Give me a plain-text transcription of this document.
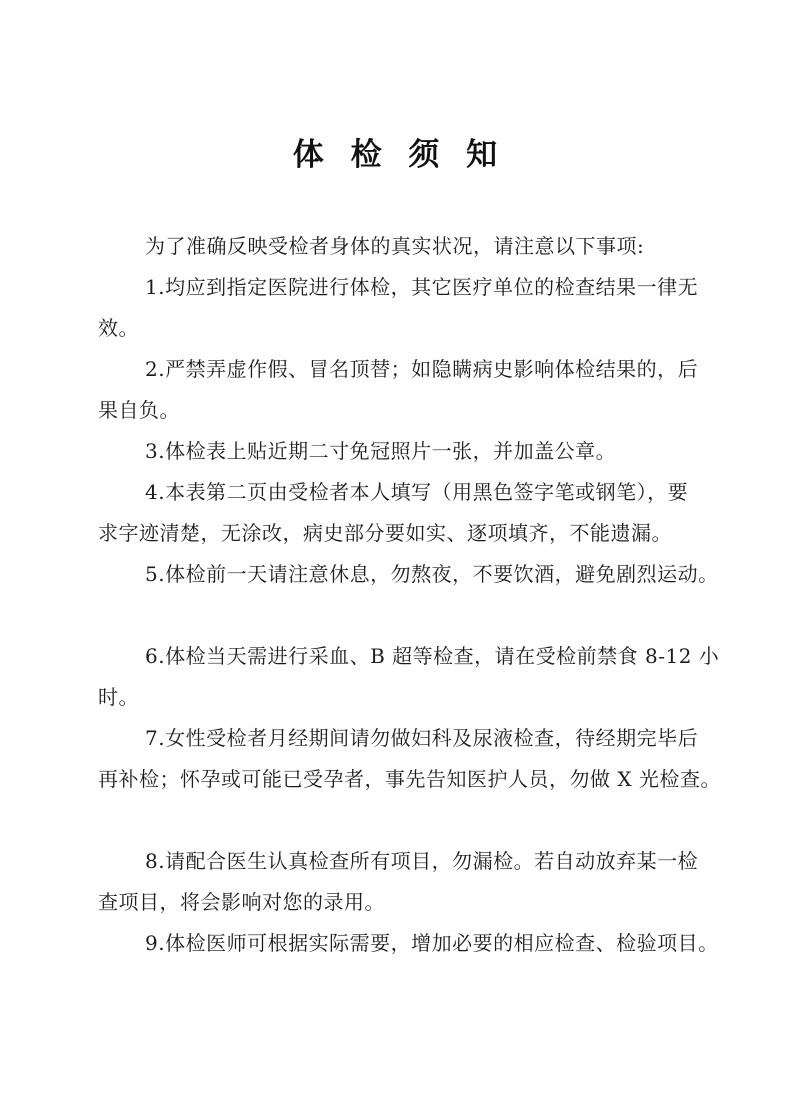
体 检 须 知

为了准确反映受检者身体的真实状况，请注意以下事项:

1.均应到指定医院进行体检，其它医疗单位的检查结果一律无
效。

2.严禁弄虚作假、冒名顶替；如隐瞒病史影响体检结果的，后
果自负。

3.体检表上贴近期二寸免冠照片一张，并加盖公章。

4.本表第二页由受检者本人填写（用黑色签字笔或钢笔），要
求字迹清楚，无涂改，病史部分要如实、逐项填齐，不能遗漏。

5.体检前一天请注意休息，勿熬夜，不要饮酒，避免剧烈运动。

6.体检当天需进行采血、B 超等检查，请在受检前禁食 8-12 小
时。

7.女性受检者月经期间请勿做妇科及尿液检查，待经期完毕后
再补检；怀孕或可能已受孕者，事先告知医护人员，勿做 X 光检查。

8.请配合医生认真检查所有项目，勿漏检。若自动放弃某一检
查项目，将会影响对您的录用。

9.体检医师可根据实际需要，增加必要的相应检查、检验项目。
